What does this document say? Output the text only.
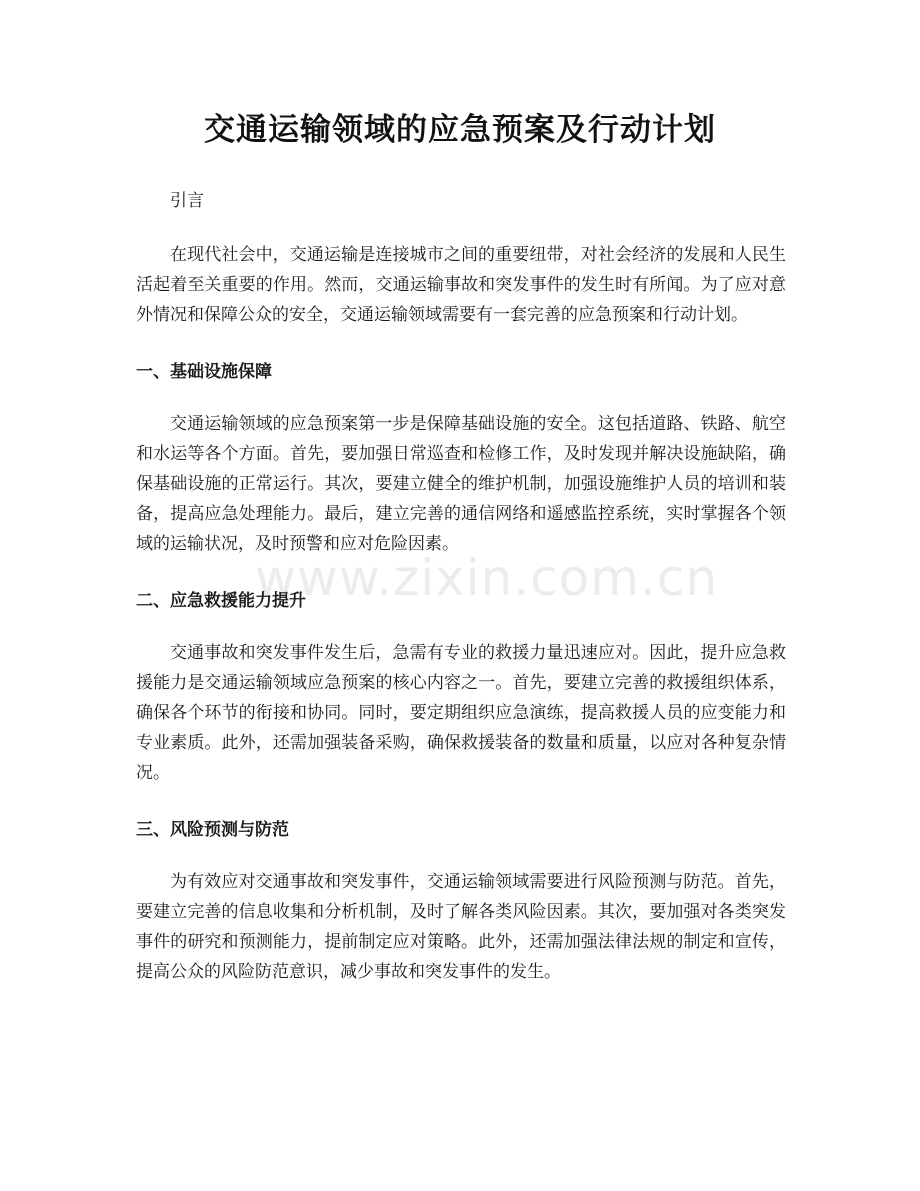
交通运输领域的应急预案及行动计划

引言

在现代社会中，交通运输是连接城市之间的重要纽带，对社会经济的发展和人民生活起着至关重要的作用。然而，交通运输事故和突发事件的发生时有所闻。为了应对意外情况和保障公众的安全，交通运输领域需要有一套完善的应急预案和行动计划。

一、基础设施保障

交通运输领域的应急预案第一步是保障基础设施的安全。这包括道路、铁路、航空和水运等各个方面。首先，要加强日常巡查和检修工作，及时发现并解决设施缺陷，确保基础设施的正常运行。其次，要建立健全的维护机制，加强设施维护人员的培训和装备，提高应急处理能力。最后，建立完善的通信网络和遥感监控系统，实时掌握各个领域的运输状况，及时预警和应对危险因素。

二、应急救援能力提升

交通事故和突发事件发生后，急需有专业的救援力量迅速应对。因此，提升应急救援能力是交通运输领域应急预案的核心内容之一。首先，要建立完善的救援组织体系，确保各个环节的衔接和协同。同时，要定期组织应急演练，提高救援人员的应变能力和专业素质。此外，还需加强装备采购，确保救援装备的数量和质量，以应对各种复杂情况。

三、风险预测与防范

为有效应对交通事故和突发事件，交通运输领域需要进行风险预测与防范。首先，要建立完善的信息收集和分析机制，及时了解各类风险因素。其次，要加强对各类突发事件的研究和预测能力，提前制定应对策略。此外，还需加强法律法规的制定和宣传，提高公众的风险防范意识，减少事故和突发事件的发生。

www.zixin.com.cn
